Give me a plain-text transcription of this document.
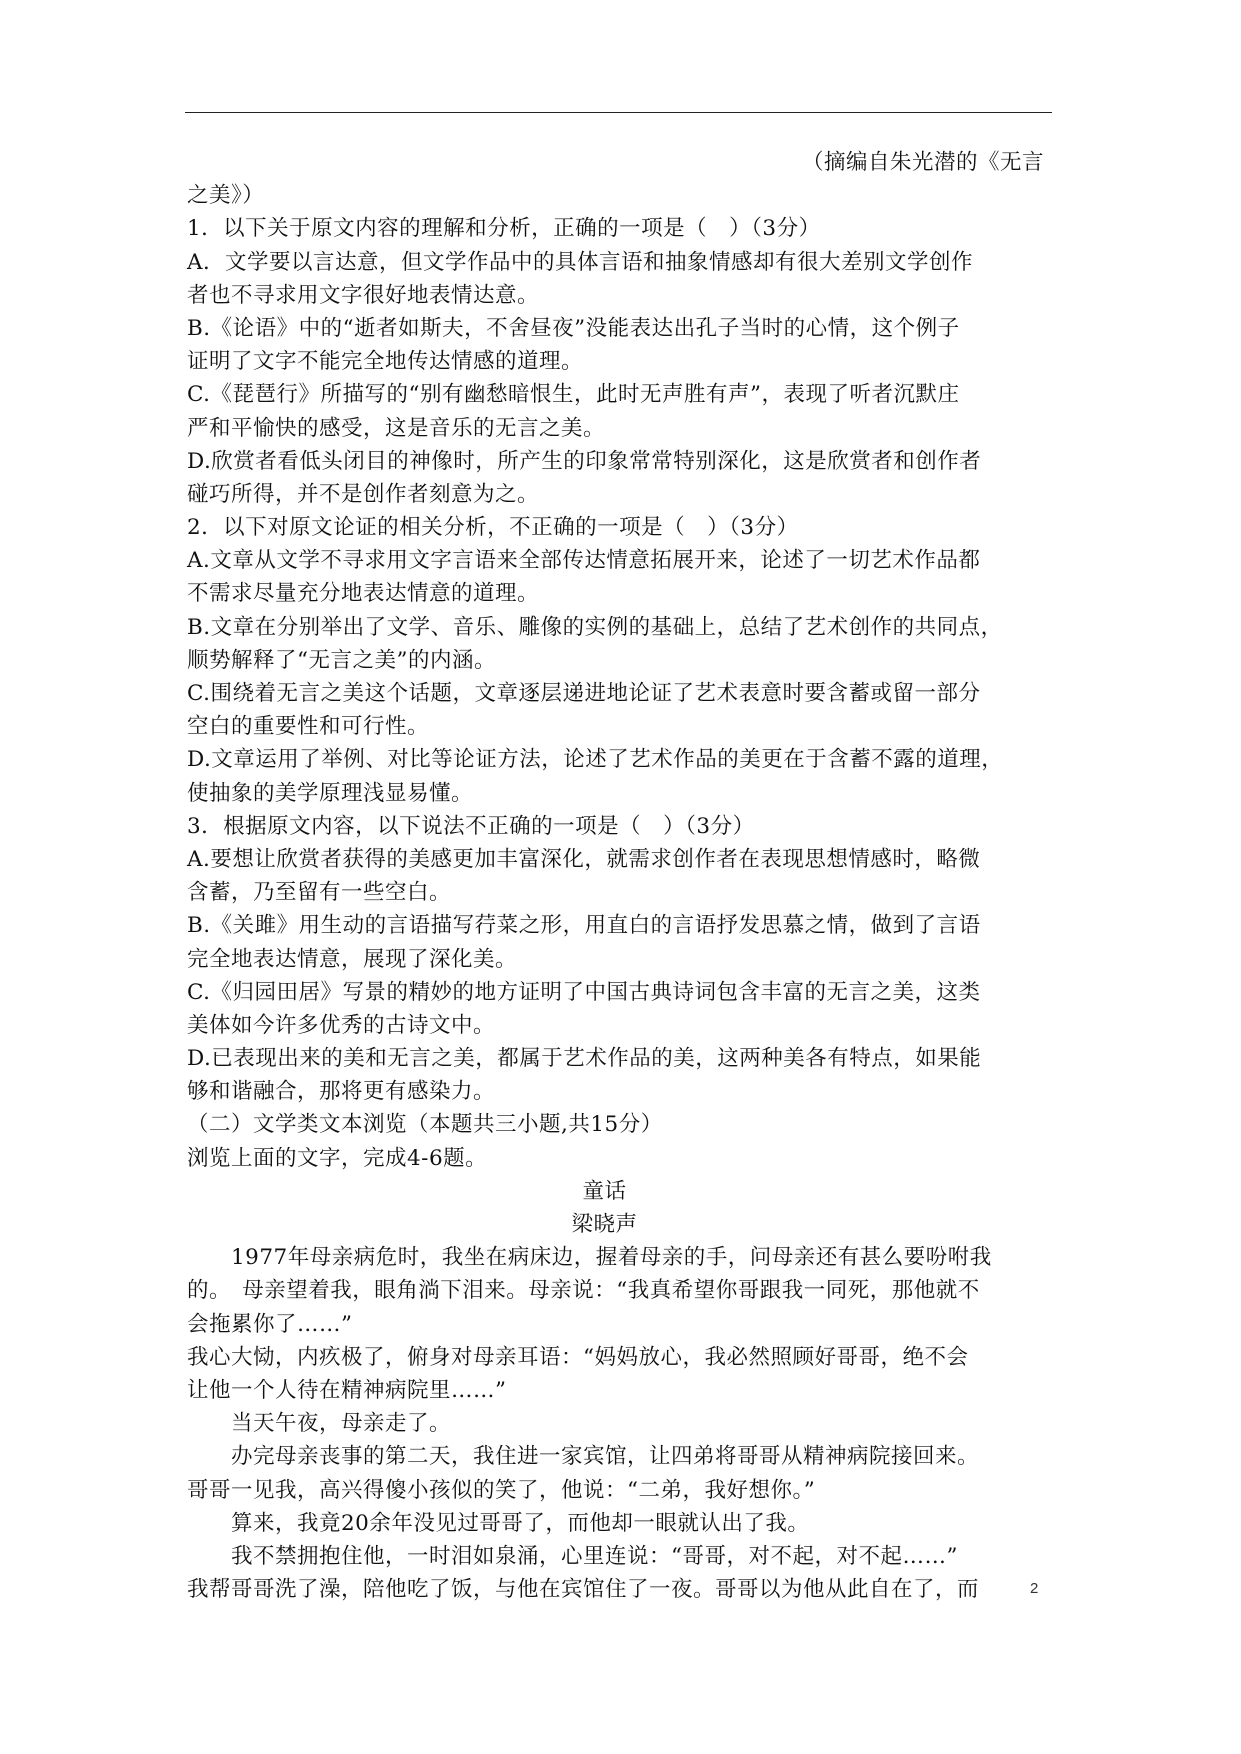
（摘编自朱光潜的《无言
之美》）
1．以下关于原文内容的理解和分析，正确的一项是（　）（3分）
A．文学要以言达意，但文学作品中的具体言语和抽象情感却有很大差别文学创作
者也不寻求用文字很好地表情达意。
B.《论语》中的“逝者如斯夫，不舍昼夜”没能表达出孔子当时的心情，这个例子
证明了文字不能完全地传达情感的道理。
C.《琵琶行》所描写的“别有幽愁暗恨生，此时无声胜有声”，表现了听者沉默庄
严和平愉快的感受，这是音乐的无言之美。
D.欣赏者看低头闭目的神像时，所产生的印象常常特别深化，这是欣赏者和创作者
碰巧所得，并不是创作者刻意为之。
2．以下对原文论证的相关分析，不正确的一项是（　）（3分）
A.文章从文学不寻求用文字言语来全部传达情意拓展开来，论述了一切艺术作品都
不需求尽量充分地表达情意的道理。
B.文章在分别举出了文学、音乐、雕像的实例的基础上，总结了艺术创作的共同点，
顺势解释了“无言之美”的内涵。
C.围绕着无言之美这个话题，文章逐层递进地论证了艺术表意时要含蓄或留一部分
空白的重要性和可行性。
D.文章运用了举例、对比等论证方法，论述了艺术作品的美更在于含蓄不露的道理，
使抽象的美学原理浅显易懂。
3．根据原文内容，以下说法不正确的一项是（　）（3分）
A.要想让欣赏者获得的美感更加丰富深化，就需求创作者在表现思想情感时，略微
含蓄，乃至留有一些空白。
B.《关雎》用生动的言语描写荇菜之形，用直白的言语抒发思慕之情，做到了言语
完全地表达情意，展现了深化美。
C.《归园田居》写景的精妙的地方证明了中国古典诗词包含丰富的无言之美，这类
美体如今许多优秀的古诗文中。
D.已表现出来的美和无言之美，都属于艺术作品的美，这两种美各有特点，如果能
够和谐融合，那将更有感染力。
（二）文学类文本浏览（本题共三小题,共15分）
浏览上面的文字，完成4-6题。
童话
梁晓声
1977年母亲病危时，我坐在病床边，握着母亲的手，问母亲还有甚么要吩咐我
的。　母亲望着我，眼角淌下泪来。母亲说：“我真希望你哥跟我一同死，那他就不
会拖累你了……”
我心大恸，内疚极了，俯身对母亲耳语：“妈妈放心，我必然照顾好哥哥，绝不会
让他一个人待在精神病院里……”
当天午夜，母亲走了。
办完母亲丧事的第二天，我住进一家宾馆，让四弟将哥哥从精神病院接回来。
哥哥一见我，高兴得傻小孩似的笑了，他说：“二弟，我好想你。”
算来，我竟20余年没见过哥哥了，而他却一眼就认出了我。
我不禁拥抱住他，一时泪如泉涌，心里连说：“哥哥，对不起，对不起……”
我帮哥哥洗了澡，陪他吃了饭，与他在宾馆住了一夜。哥哥以为他从此自在了，而	2
